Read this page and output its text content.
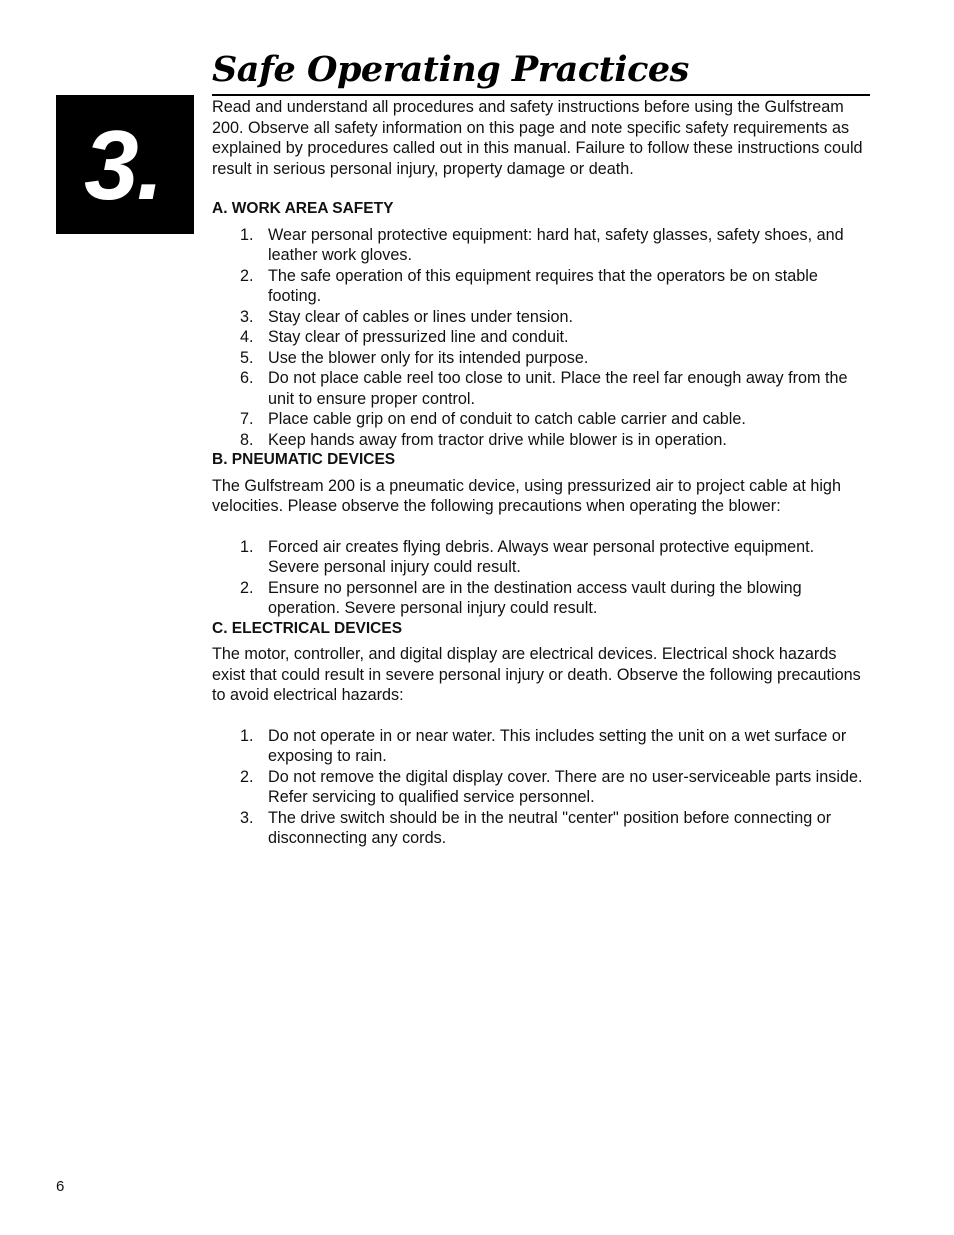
Safe Operating Practices
3.

Read and understand all procedures and safety instructions before using the Gulfstream 200. Observe all safety information on this page and note specific safety requirements as explained by procedures called out in this manual. Failure to follow these instructions could result in serious personal injury, property damage or death.

A. WORK AREA SAFETY

1. Wear personal protective equipment: hard hat, safety glasses, safety shoes, and leather work gloves.
2. The safe operation of this equipment requires that the operators be on stable footing.
3. Stay clear of cables or lines under tension.
4. Stay clear of pressurized line and conduit.
5. Use the blower only for its intended purpose.
6. Do not place cable reel too close to unit. Place the reel far enough away from the unit to ensure proper control.
7. Place cable grip on end of conduit to catch cable carrier and cable.
8. Keep hands away from tractor drive while blower is in operation.

B. PNEUMATIC DEVICES

The Gulfstream 200 is a pneumatic device, using pressurized air to project cable at high velocities. Please observe the following precautions when operating the blower:

1. Forced air creates flying debris. Always wear personal protective equipment. Severe personal injury could result.
2. Ensure no personnel are in the destination access vault during the blowing operation. Severe personal injury could result.

C. ELECTRICAL DEVICES

The motor, controller, and digital display are electrical devices. Electrical shock hazards exist that could result in severe personal injury or death. Observe the following precautions to avoid electrical hazards:

1. Do not operate in or near water. This includes setting the unit on a wet surface or exposing to rain.
2. Do not remove the digital display cover. There are no user-serviceable parts inside. Refer servicing to qualified service personnel.
3. The drive switch should be in the neutral "center" position before connecting or disconnecting any cords.
6
